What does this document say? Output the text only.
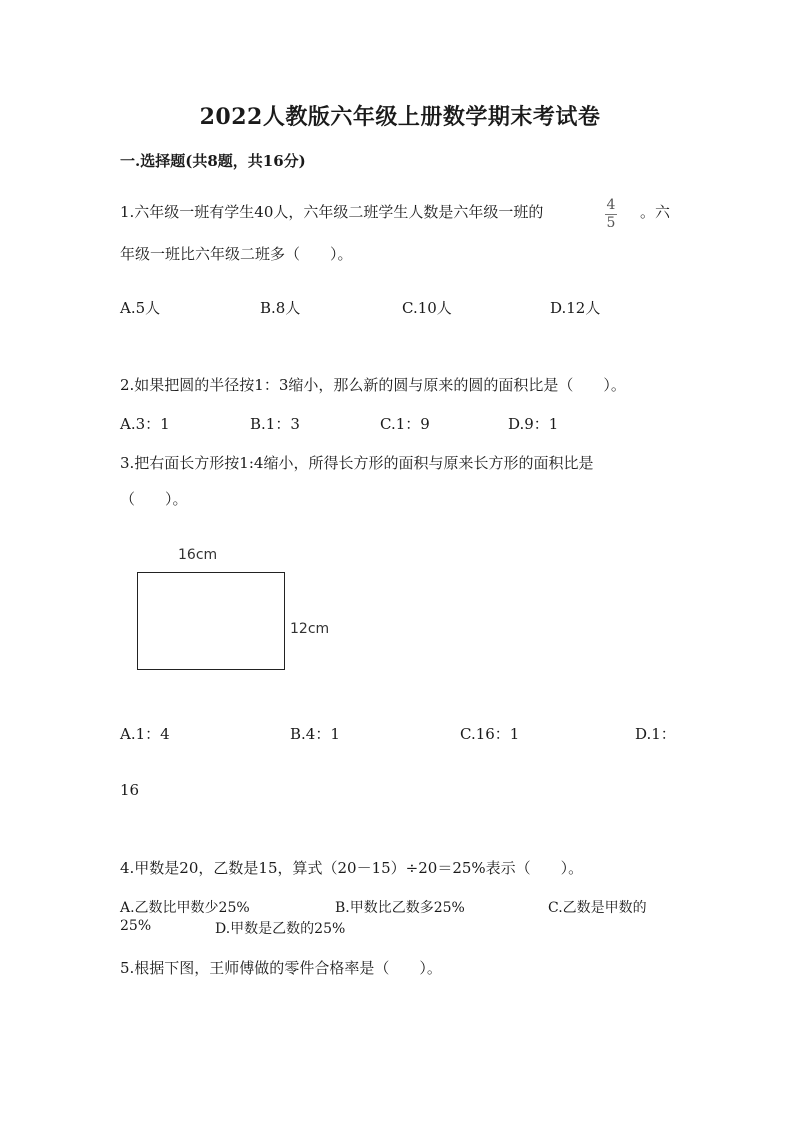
2022人教版六年级上册数学期末考试卷
一.选择题(共8题，共16分)
1.六年级一班有学生40人，六年级二班学生人数是六年级一班的	4
5
。六
年级一班比六年级二班多（　　）。
A.5人	B.8人	C.10人	D.12人
2.如果把圆的半径按1：3缩小，那么新的圆与原来的圆的面积比是（　　）。
A.3：1	B.1：3	C.1：9	D.9：1
3.把右面长方形按1:4缩小，所得长方形的面积与原来长方形的面积比是
（　　）。
16cm
12cm
A.1：4	B.4：1	C.16：1	D.1：
16
4.甲数是20，乙数是15，算式（20－15）÷20＝25%表示（　　）。
A.乙数比甲数少25%	B.甲数比乙数多25%	C.乙数是甲数的
25%	D.甲数是乙数的25%
5.根据下图，王师傅做的零件合格率是（　　）。
